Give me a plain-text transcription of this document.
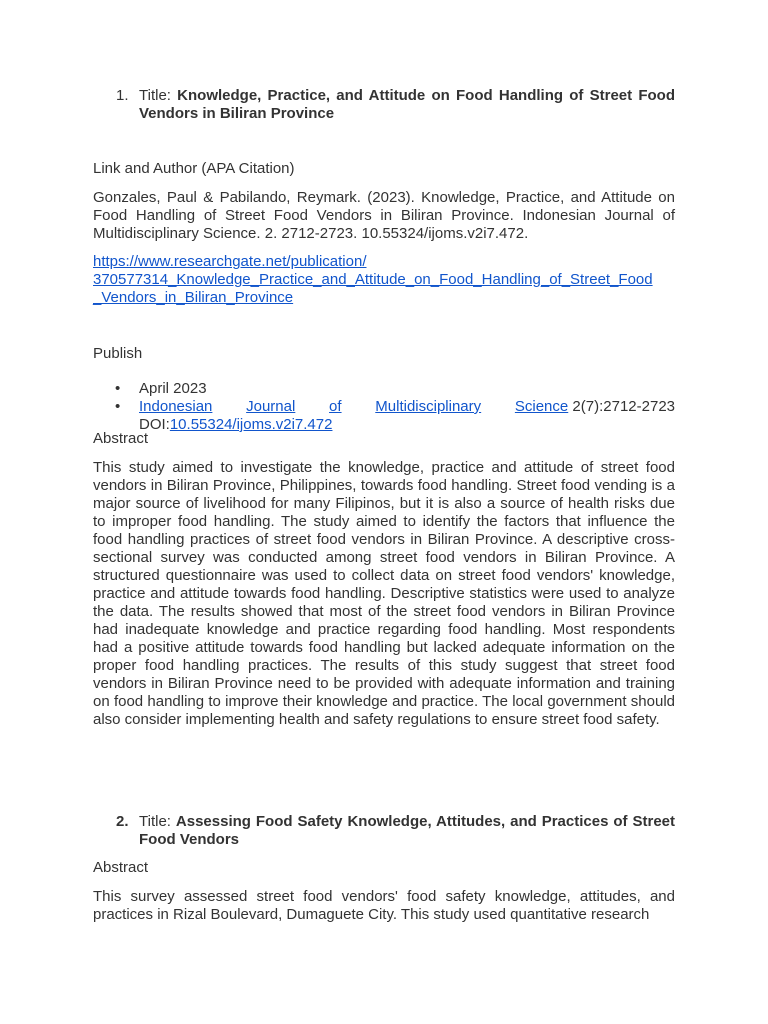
1. Title: Knowledge, Practice, and Attitude on Food Handling of Street Food Vendors in Biliran Province
Link and Author (APA Citation)
Gonzales, Paul & Pabilando, Reymark. (2023). Knowledge, Practice, and Attitude on Food Handling of Street Food Vendors in Biliran Province. Indonesian Journal of Multidisciplinary Science. 2. 2712-2723. 10.55324/ijoms.v2i7.472.
https://www.researchgate.net/publication/
370577314_Knowledge_Practice_and_Attitude_on_Food_Handling_of_Street_Food
_Vendors_in_Biliran_Province
Publish
• April 2023
• Indonesian Journal of Multidisciplinary Science 2(7):2712-2723
DOI:10.55324/ijoms.v2i7.472
Abstract
This study aimed to investigate the knowledge, practice and attitude of street food vendors in Biliran Province, Philippines, towards food handling. Street food vending is a major source of livelihood for many Filipinos, but it is also a source of health risks due to improper food handling. The study aimed to identify the factors that influence the food handling practices of street food vendors in Biliran Province. A descriptive cross-sectional survey was conducted among street food vendors in Biliran Province. A structured questionnaire was used to collect data on street food vendors' knowledge, practice and attitude towards food handling. Descriptive statistics were used to analyze the data. The results showed that most of the street food vendors in Biliran Province had inadequate knowledge and practice regarding food handling. Most respondents had a positive attitude towards food handling but lacked adequate information on the proper food handling practices. The results of this study suggest that street food vendors in Biliran Province need to be provided with adequate information and training on food handling to improve their knowledge and practice. The local government should also consider implementing health and safety regulations to ensure street food safety.
2. Title: Assessing Food Safety Knowledge, Attitudes, and Practices of Street Food Vendors
Abstract
This survey assessed street food vendors' food safety knowledge, attitudes, and practices in Rizal Boulevard, Dumaguete City. This study used quantitative research
